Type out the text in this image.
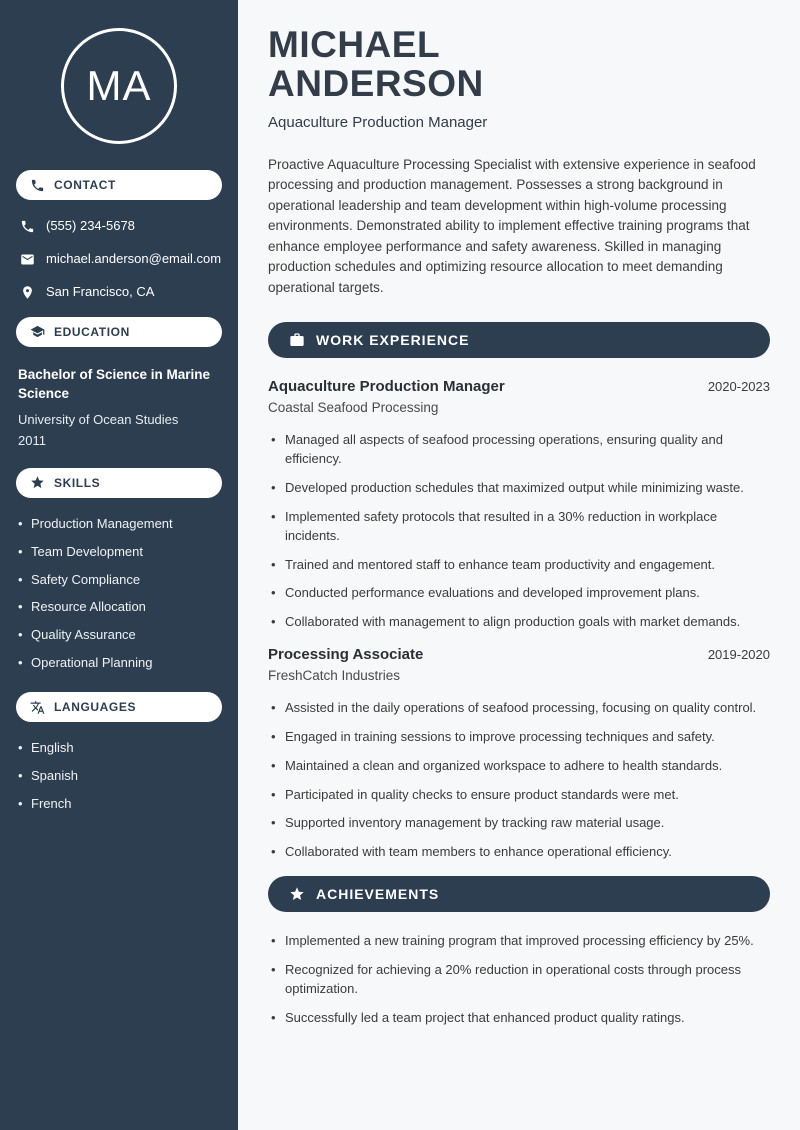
MA
CONTACT
(555) 234-5678
michael.anderson@email.com
San Francisco, CA
EDUCATION
Bachelor of Science in Marine Science
University of Ocean Studies
2011
SKILLS
• Production Management
• Team Development
• Safety Compliance
• Resource Allocation
• Quality Assurance
• Operational Planning
LANGUAGES
• English
• Spanish
• French
MICHAEL
ANDERSON
Aquaculture Production Manager

Proactive Aquaculture Processing Specialist with extensive experience in seafood processing and production management. Possesses a strong background in operational leadership and team development within high-volume processing environments. Demonstrated ability to implement effective training programs that enhance employee performance and safety awareness. Skilled in managing production schedules and optimizing resource allocation to meet demanding operational targets.

WORK EXPERIENCE
Aquaculture Production Manager	2020-2023
Coastal Seafood Processing
• Managed all aspects of seafood processing operations, ensuring quality and efficiency.
• Developed production schedules that maximized output while minimizing waste.
• Implemented safety protocols that resulted in a 30% reduction in workplace incidents.
• Trained and mentored staff to enhance team productivity and engagement.
• Conducted performance evaluations and developed improvement plans.
• Collaborated with management to align production goals with market demands.
Processing Associate	2019-2020
FreshCatch Industries
• Assisted in the daily operations of seafood processing, focusing on quality control.
• Engaged in training sessions to improve processing techniques and safety.
• Maintained a clean and organized workspace to adhere to health standards.
• Participated in quality checks to ensure product standards were met.
• Supported inventory management by tracking raw material usage.
• Collaborated with team members to enhance operational efficiency.
ACHIEVEMENTS
• Implemented a new training program that improved processing efficiency by 25%.
• Recognized for achieving a 20% reduction in operational costs through process optimization.
• Successfully led a team project that enhanced product quality ratings.
